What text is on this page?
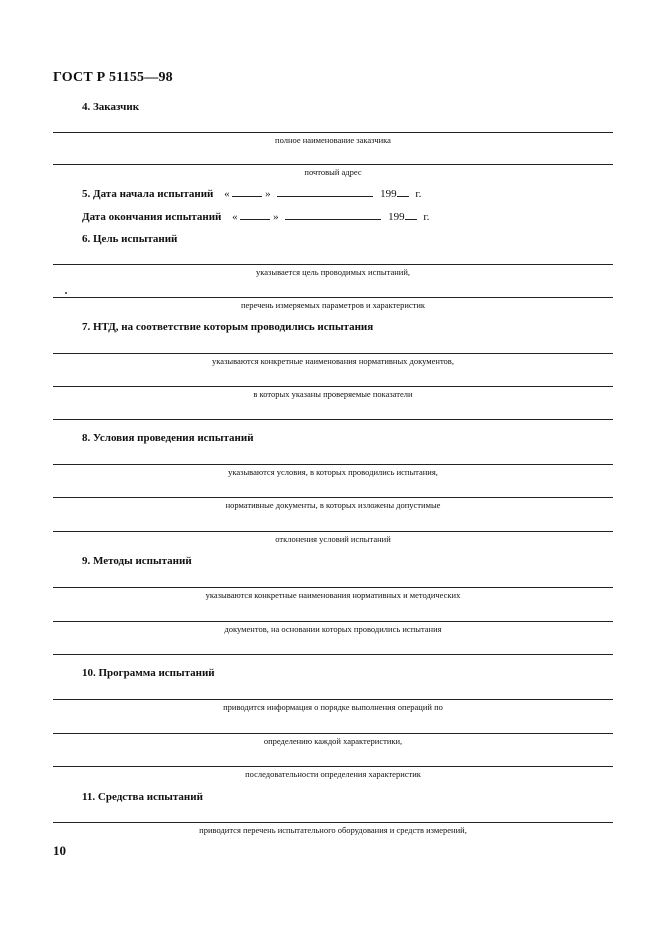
ГОСТ Р 51155—98
4. Заказчик
полное наименование заказчика
почтовый адрес
5. Дата начала испытаний «	»	199 г.
Дата окончания испытаний «	»	199 г.
6. Цель испытаний
указывается цель проводимых испытаний,
перечень измеряемых параметров и характеристик
7. НТД, на соответствие которым проводились испытания
указываются конкретные наименования нормативных документов,
в которых указаны проверяемые показатели
8. Условия проведения испытаний
указываются условия, в которых проводились испытания,
нормативные документы, в которых изложены допустимые
отклонения условий испытаний
9. Методы испытаний
указываются конкретные наименования нормативных и методических
документов, на основании которых проводились испытания
10. Программа испытаний
приводится информация о порядке выполнения операций по
определению каждой характеристики,
последовательности определения характеристик
11. Средства испытаний
приводится перечень испытательного оборудования и средств измерений,
10
